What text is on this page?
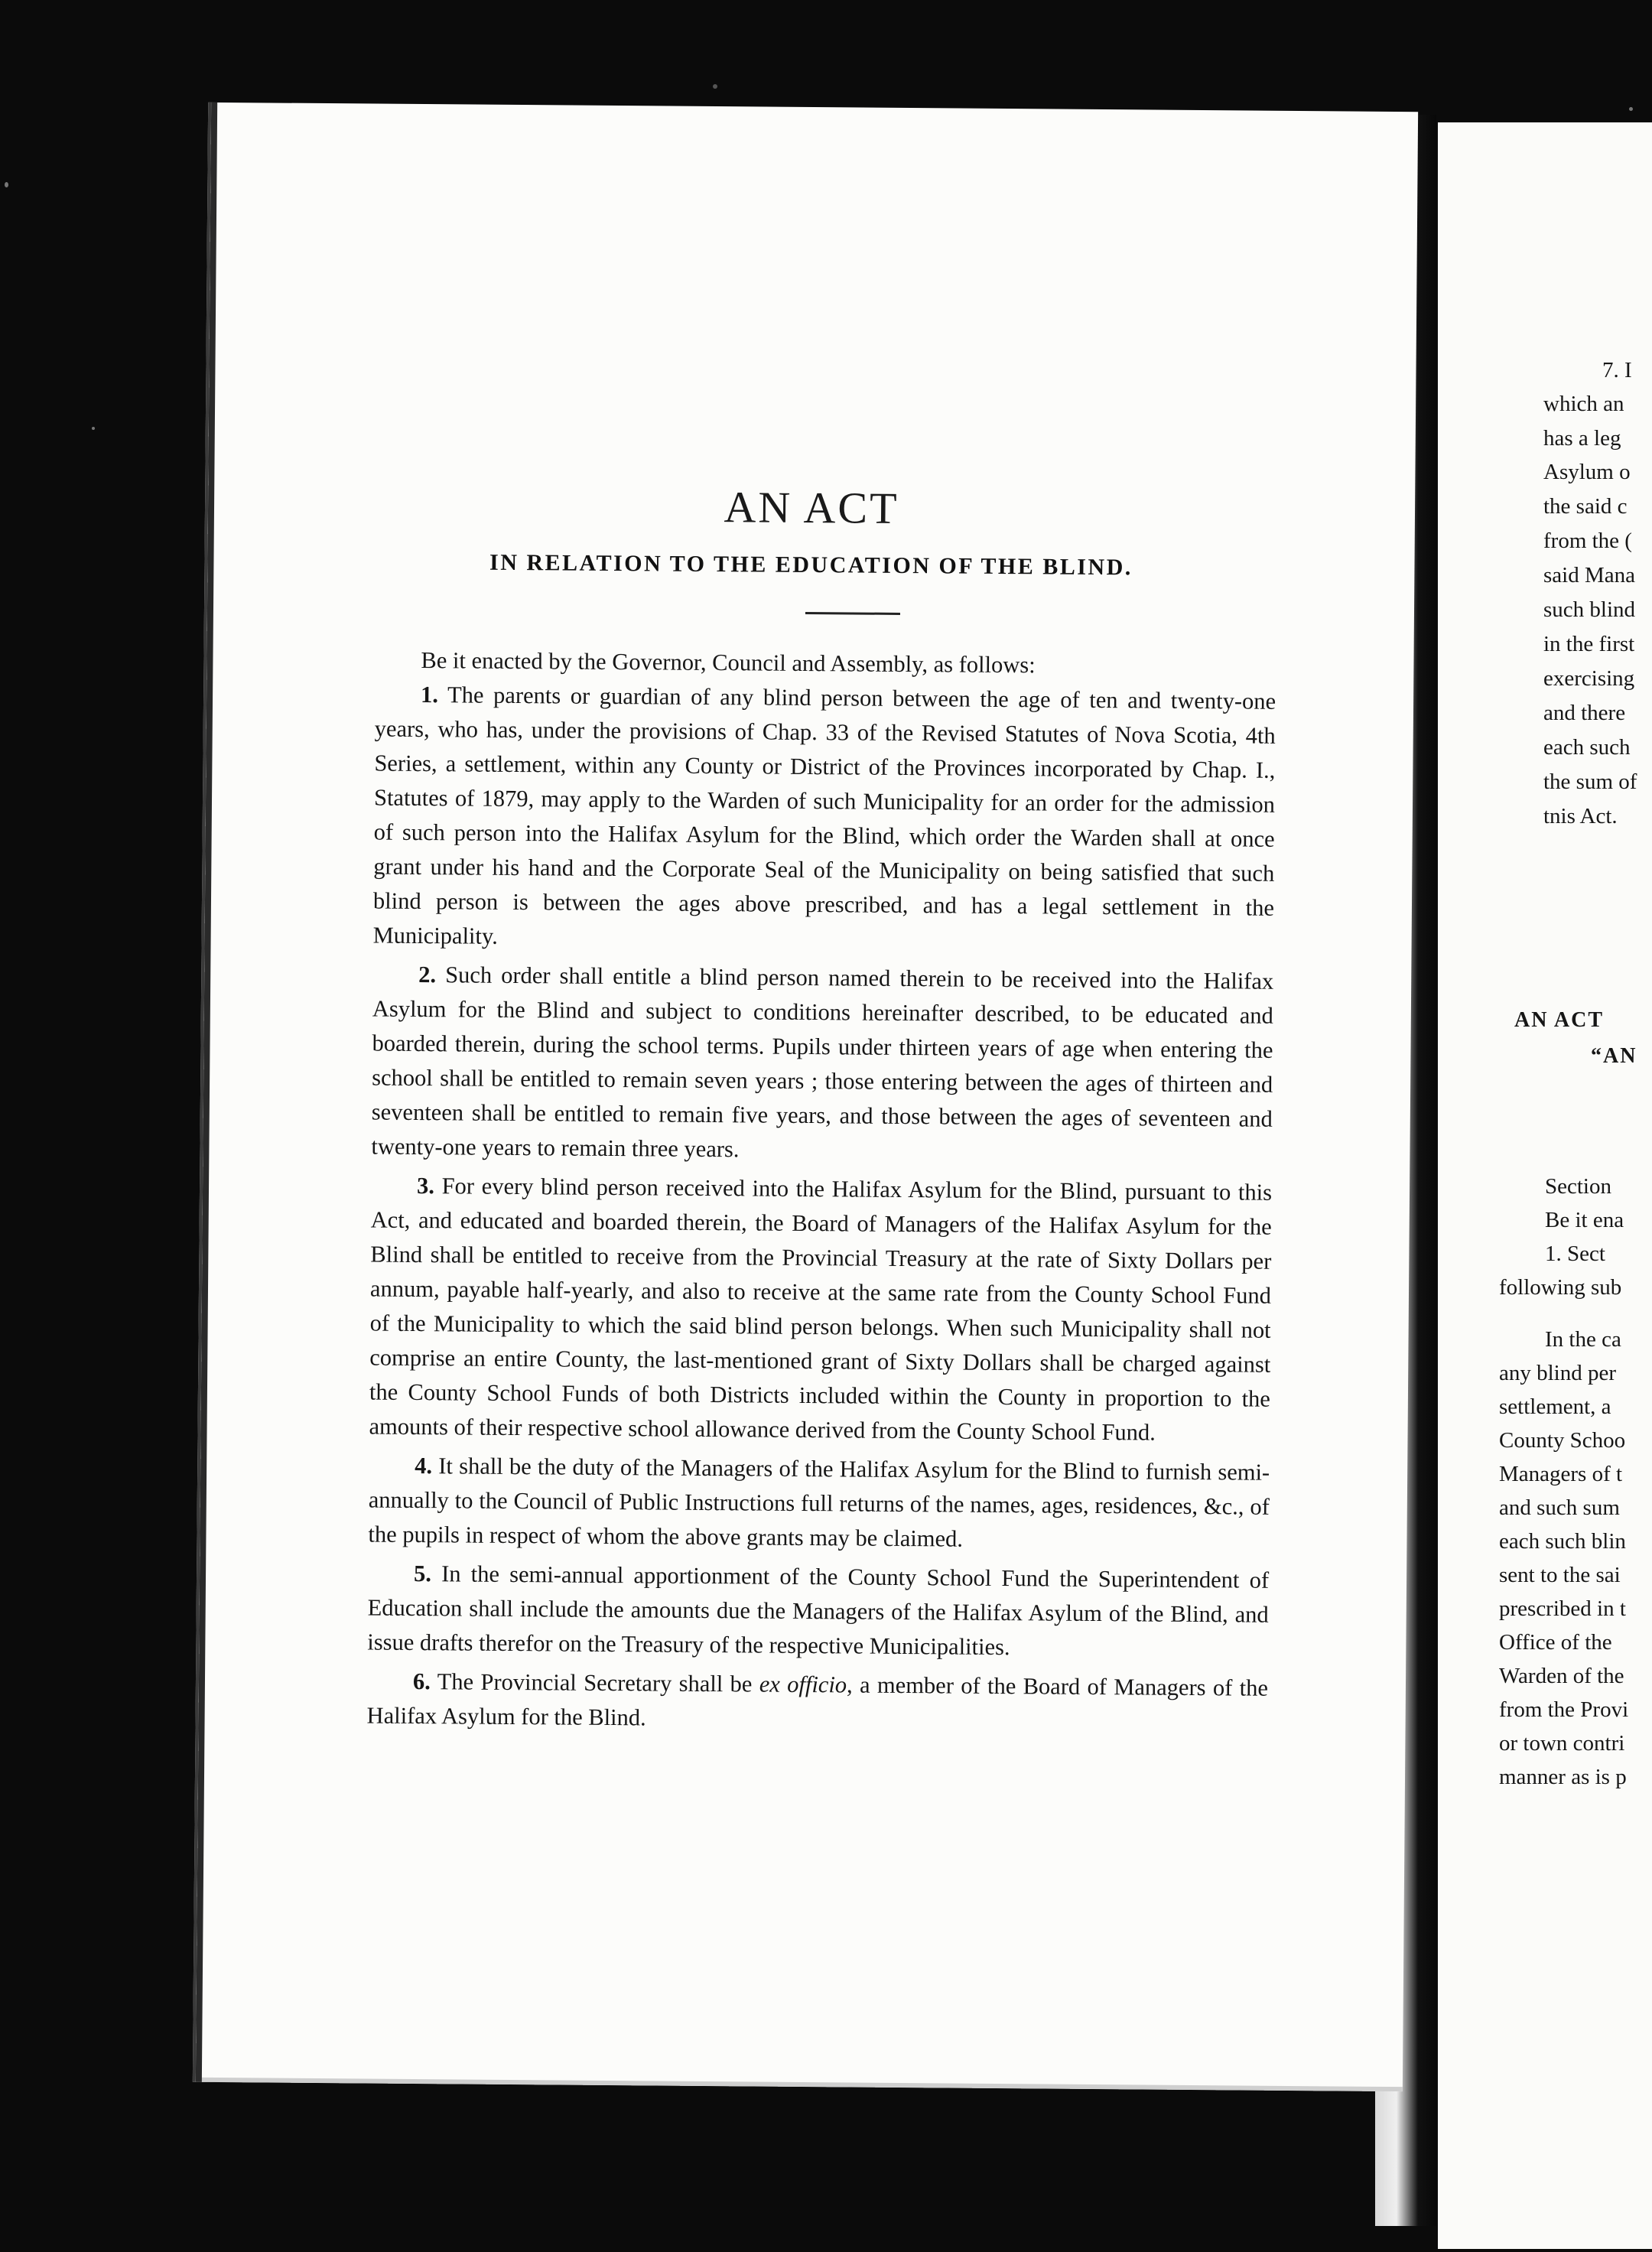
7. I
which an
has a leg
Asylum o
the said c
from the (
said Mana
such blind
in the first
exercising
and there
each such
the sum of
tnis Act.
AN ACT
“AN
Section
Be it ena
1. Sect
following sub
In the ca
any blind per
settlement, a
County Schoo
Managers of t
and such sum
each such blin
sent to the sai
prescribed in t
Office of the
Warden of the
from the Provi
or town contri
manner as is p
AN ACT
IN RELATION TO THE EDUCATION OF THE BLIND.

Be it enacted by the Governor, Council and Assembly, as follows:

1. The parents or guardian of any blind person between the age of ten and twenty-one years, who has, under the provisions of Chap. 33 of the Revised Statutes of Nova Scotia, 4th Series, a settlement, within any County or District of the Provinces incorporated by Chap. I., Statutes of 1879, may apply to the Warden of such Municipality for an order for the admission of such person into the Halifax Asylum for the Blind, which order the Warden shall at once grant under his hand and the Corporate Seal of the Municipality on being satisfied that such blind person is between the ages above prescribed, and has a legal settlement in the Municipality.

2. Such order shall entitle a blind person named therein to be received into the Halifax Asylum for the Blind and subject to conditions hereinafter described, to be educated and boarded therein, during the school terms. Pupils under thirteen years of age when entering the school shall be entitled to remain seven years ; those entering between the ages of thirteen and seventeen shall be entitled to remain five years, and those between the ages of seventeen and twenty-one years to remain three years.

3. For every blind person received into the Halifax Asylum for the Blind, pursuant to this Act, and educated and boarded therein, the Board of Managers of the Halifax Asylum for the Blind shall be entitled to receive from the Provincial Treasury at the rate of Sixty Dollars per annum, payable half-yearly, and also to receive at the same rate from the County School Fund of the Municipality to which the said blind person belongs. When such Municipality shall not comprise an entire County, the last-mentioned grant of Sixty Dollars shall be charged against the County School Funds of both Districts included within the County in proportion to the amounts of their respective school allowance derived from the County School Fund.

4. It shall be the duty of the Managers of the Halifax Asylum for the Blind to furnish semi-annually to the Council of Public Instructions full returns of the names, ages, residences, &c., of the pupils in respect of whom the above grants may be claimed.

5. In the semi-annual apportionment of the County School Fund the Superintendent of Education shall include the amounts due the Managers of the Halifax Asylum of the Blind, and issue drafts therefor on the Treasury of the respective Municipalities.

6. The Provincial Secretary shall be ex officio, a member of the Board of Managers of the Halifax Asylum for the Blind.
